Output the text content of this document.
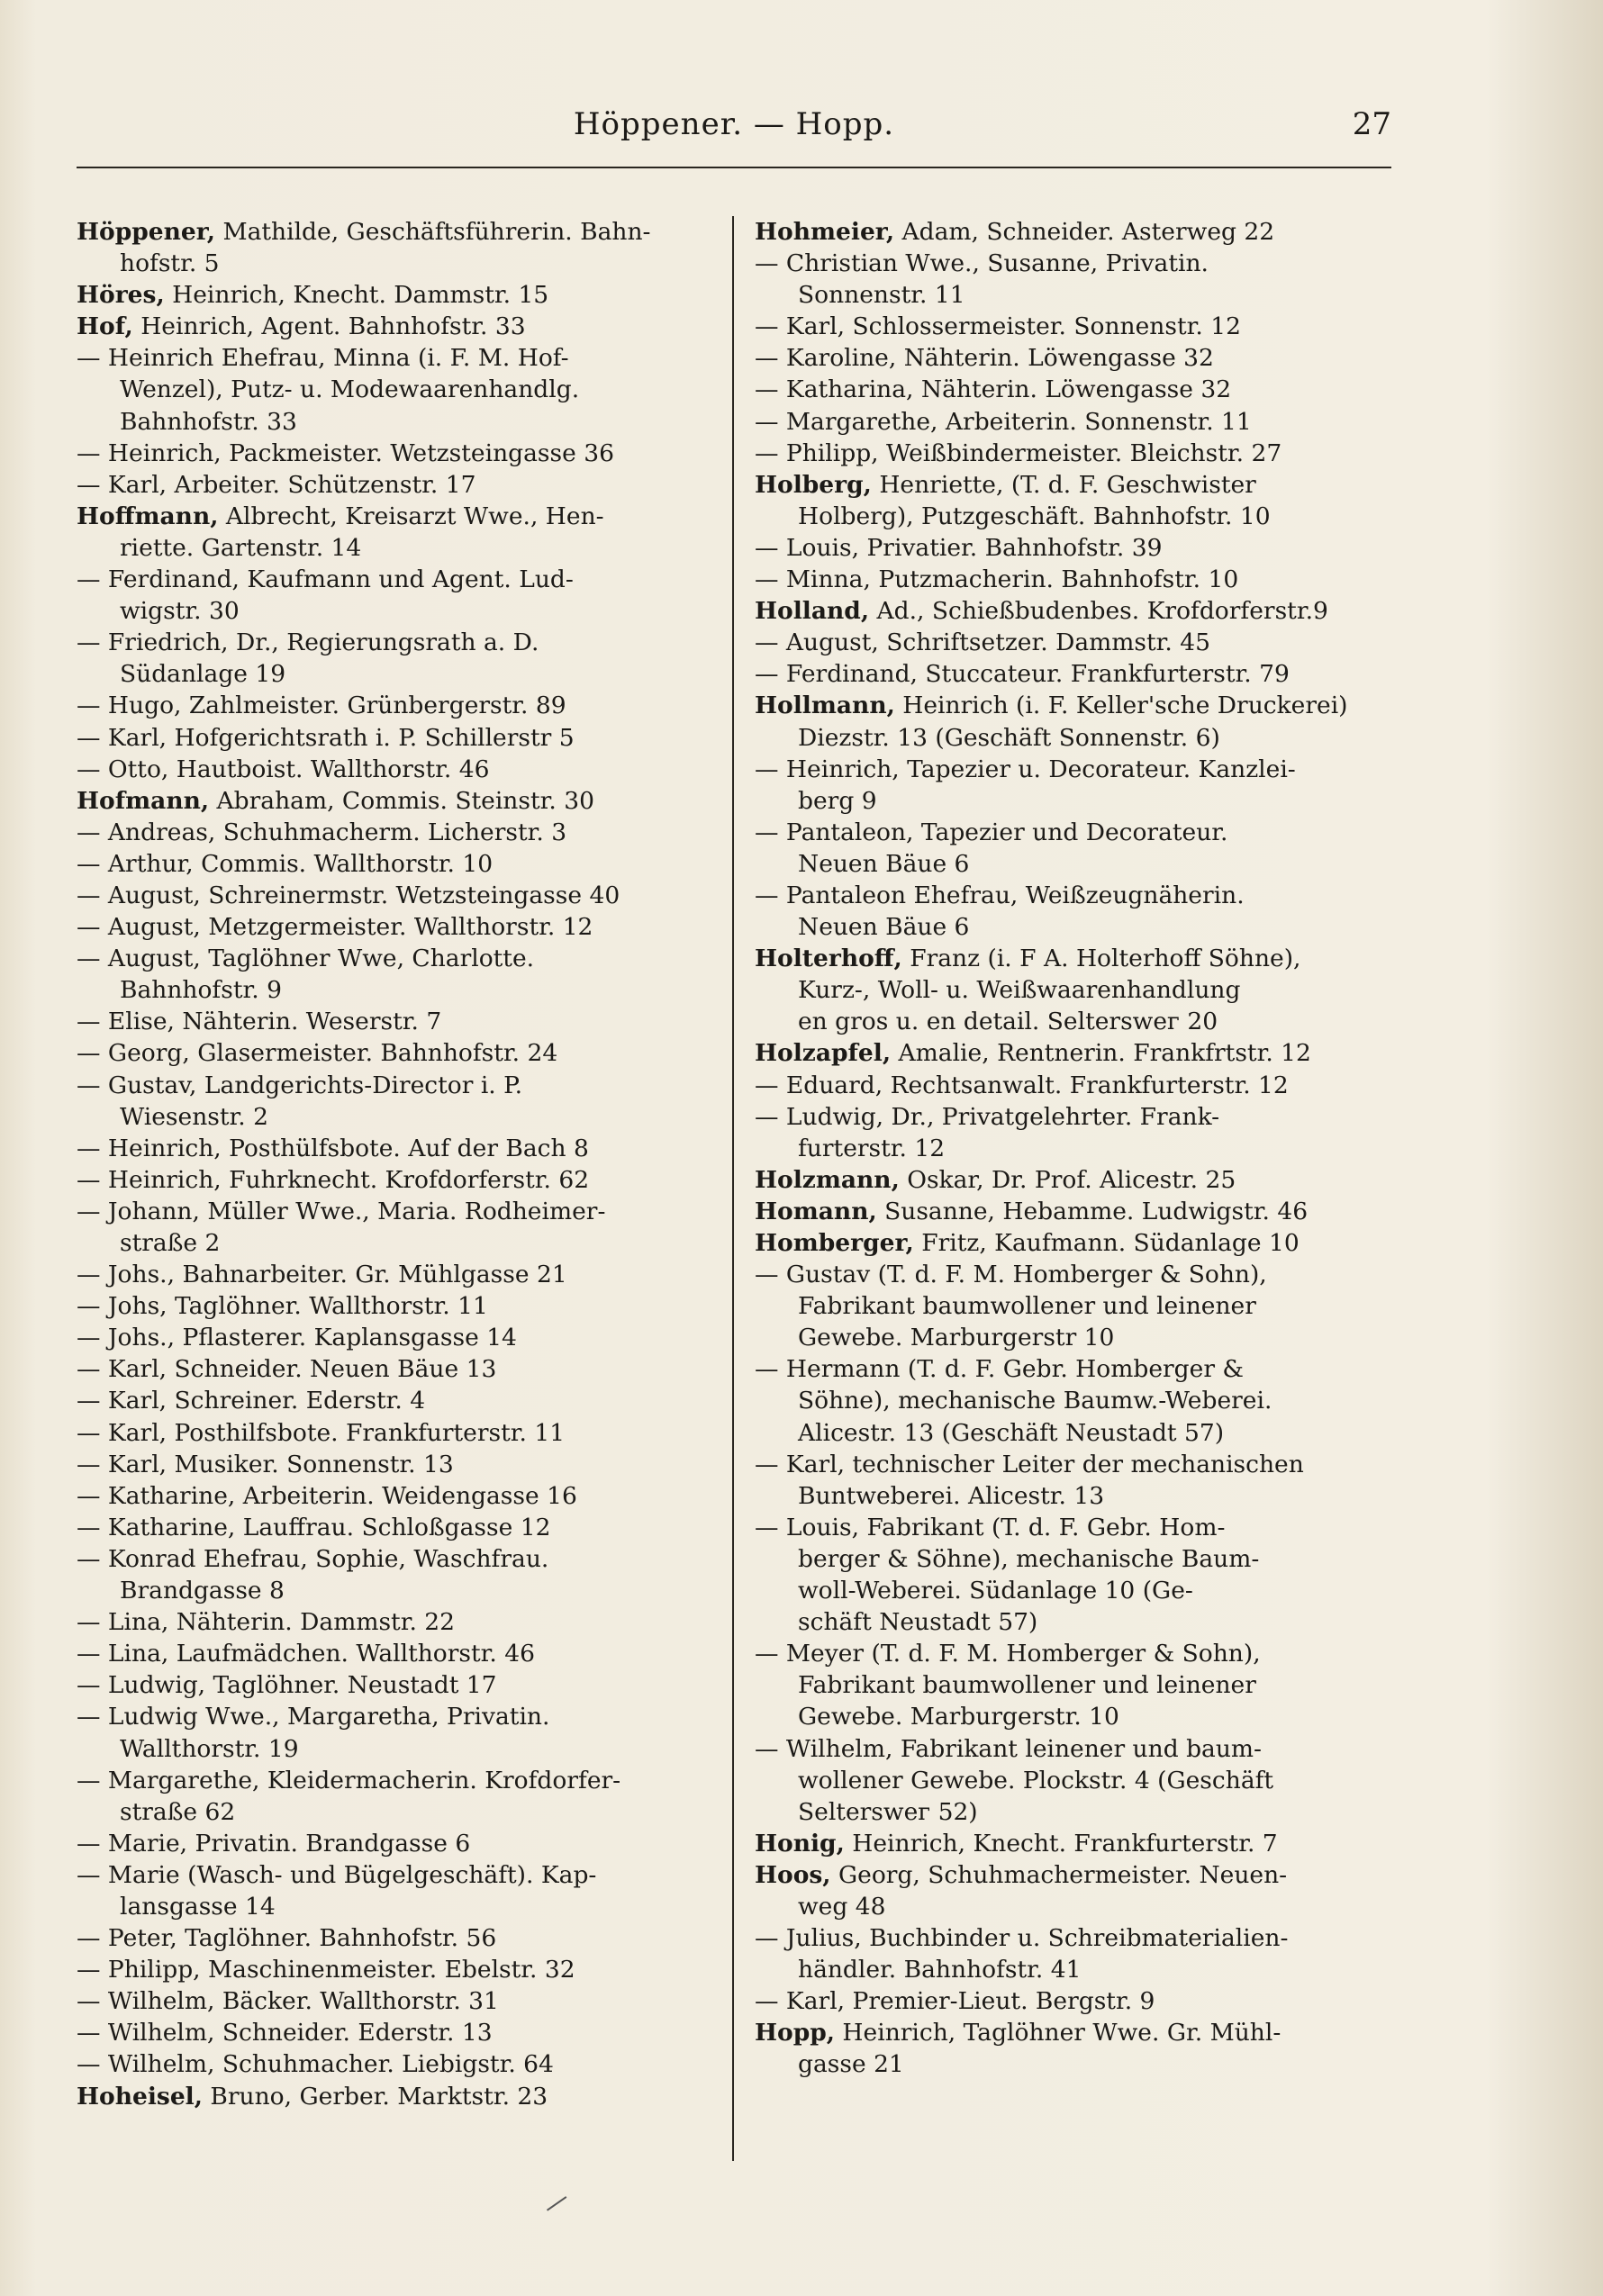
Höppener. — Hopp.	27

Höppener, Mathilde, Geschäftsführerin. Bahn-

hofstr. 5

Höres, Heinrich, Knecht. Dammstr. 15

Hof, Heinrich, Agent. Bahnhofstr. 33

— Heinrich Ehefrau, Minna (i. F. M. Hof-

Wenzel), Putz- u. Modewaarenhandlg.

Bahnhofstr. 33

— Heinrich, Packmeister. Wetzsteingasse 36

— Karl, Arbeiter. Schützenstr. 17

Hoffmann, Albrecht, Kreisarzt Wwe., Hen-

riette. Gartenstr. 14

— Ferdinand, Kaufmann und Agent. Lud-

wigstr. 30

— Friedrich, Dr., Regierungsrath a. D.

Südanlage 19

— Hugo, Zahlmeister. Grünbergerstr. 89

— Karl, Hofgerichtsrath i. P. Schillerstr 5

— Otto, Hautboist. Wallthorstr. 46

Hofmann, Abraham, Commis. Steinstr. 30

— Andreas, Schuhmacherm. Licherstr. 3

— Arthur, Commis. Wallthorstr. 10

— August, Schreinermstr. Wetzsteingasse 40

— August, Metzgermeister. Wallthorstr. 12

— August, Taglöhner Wwe, Charlotte.

Bahnhofstr. 9

— Elise, Nähterin. Weserstr. 7

— Georg, Glasermeister. Bahnhofstr. 24

— Gustav, Landgerichts-Director i. P.

Wiesenstr. 2

— Heinrich, Posthülfsbote. Auf der Bach 8

— Heinrich, Fuhrknecht. Krofdorferstr. 62

— Johann, Müller Wwe., Maria. Rodheimer-

straße 2

— Johs., Bahnarbeiter. Gr. Mühlgasse 21

— Johs, Taglöhner. Wallthorstr. 11

— Johs., Pflasterer. Kaplansgasse 14

— Karl, Schneider. Neuen Bäue 13

— Karl, Schreiner. Ederstr. 4

— Karl, Posthilfsbote. Frankfurterstr. 11

— Karl, Musiker. Sonnenstr. 13

— Katharine, Arbeiterin. Weidengasse 16

— Katharine, Lauffrau. Schloßgasse 12

— Konrad Ehefrau, Sophie, Waschfrau.

Brandgasse 8

— Lina, Nähterin. Dammstr. 22

— Lina, Laufmädchen. Wallthorstr. 46

— Ludwig, Taglöhner. Neustadt 17

— Ludwig Wwe., Margaretha, Privatin.

Wallthorstr. 19

— Margarethe, Kleidermacherin. Krofdorfer-

straße 62

— Marie, Privatin. Brandgasse 6

— Marie (Wasch- und Bügelgeschäft). Kap-

lansgasse 14

— Peter, Taglöhner. Bahnhofstr. 56

— Philipp, Maschinenmeister. Ebelstr. 32

— Wilhelm, Bäcker. Wallthorstr. 31

— Wilhelm, Schneider. Ederstr. 13

— Wilhelm, Schuhmacher. Liebigstr. 64

Hoheisel, Bruno, Gerber. Marktstr. 23

Hohmeier, Adam, Schneider. Asterweg 22

— Christian Wwe., Susanne, Privatin.

Sonnenstr. 11

— Karl, Schlossermeister. Sonnenstr. 12

— Karoline, Nähterin. Löwengasse 32

— Katharina, Nähterin. Löwengasse 32

— Margarethe, Arbeiterin. Sonnenstr. 11

— Philipp, Weißbindermeister. Bleichstr. 27

Holberg, Henriette, (T. d. F. Geschwister

Holberg), Putzgeschäft. Bahnhofstr. 10

— Louis, Privatier. Bahnhofstr. 39

— Minna, Putzmacherin. Bahnhofstr. 10

Holland, Ad., Schießbudenbes. Krofdorferstr.9

— August, Schriftsetzer. Dammstr. 45

— Ferdinand, Stuccateur. Frankfurterstr. 79

Hollmann, Heinrich (i. F. Keller'sche Druckerei)

Diezstr. 13 (Geschäft Sonnenstr. 6)

— Heinrich, Tapezier u. Decorateur. Kanzlei-

berg 9

— Pantaleon, Tapezier und Decorateur.

Neuen Bäue 6

— Pantaleon Ehefrau, Weißzeugnäherin.

Neuen Bäue 6

Holterhoff, Franz (i. F A. Holterhoff Söhne),

Kurz-, Woll- u. Weißwaarenhandlung

en gros u. en detail. Selterswег 20

Holzapfel, Amalie, Rentnerin. Frankfrtstr. 12

— Eduard, Rechtsanwalt. Frankfurterstr. 12

— Ludwig, Dr., Privatgelehrter. Frank-

furterstr. 12

Holzmann, Oskar, Dr. Prof. Alicestr. 25

Homann, Susanne, Hebamme. Ludwigstr. 46

Homberger, Fritz, Kaufmann. Südanlage 10

— Gustav (T. d. F. M. Homberger & Sohn),

Fabrikant baumwollener und leinener

Gewebe. Marburgerstr 10

— Hermann (T. d. F. Gebr. Homberger &

Söhne), mechanische Baumw.-Weberei.

Alicestr. 13 (Geschäft Neustadt 57)

— Karl, technischer Leiter der mechanischen

Buntweberei. Alicestr. 13

— Louis, Fabrikant (T. d. F. Gebr. Hom-

berger & Söhne), mechanische Baum-

woll-Weberei. Südanlage 10 (Ge-

schäft Neustadt 57)

— Meyer (T. d. F. M. Homberger & Sohn),

Fabrikant baumwollener und leinener

Gewebe. Marburgerstr. 10

— Wilhelm, Fabrikant leinener und baum-

wollener Gewebe. Plockstr. 4 (Geschäft

Selterswег 52)

Honig, Heinrich, Knecht. Frankfurterstr. 7

Hoos, Georg, Schuhmachermeister. Neuen-

weg 48

— Julius, Buchbinder u. Schreibmaterialien-

händler. Bahnhofstr. 41

— Karl, Premier-Lieut. Bergstr. 9

Hopp, Heinrich, Taglöhner Wwe. Gr. Mühl-

gasse 21
